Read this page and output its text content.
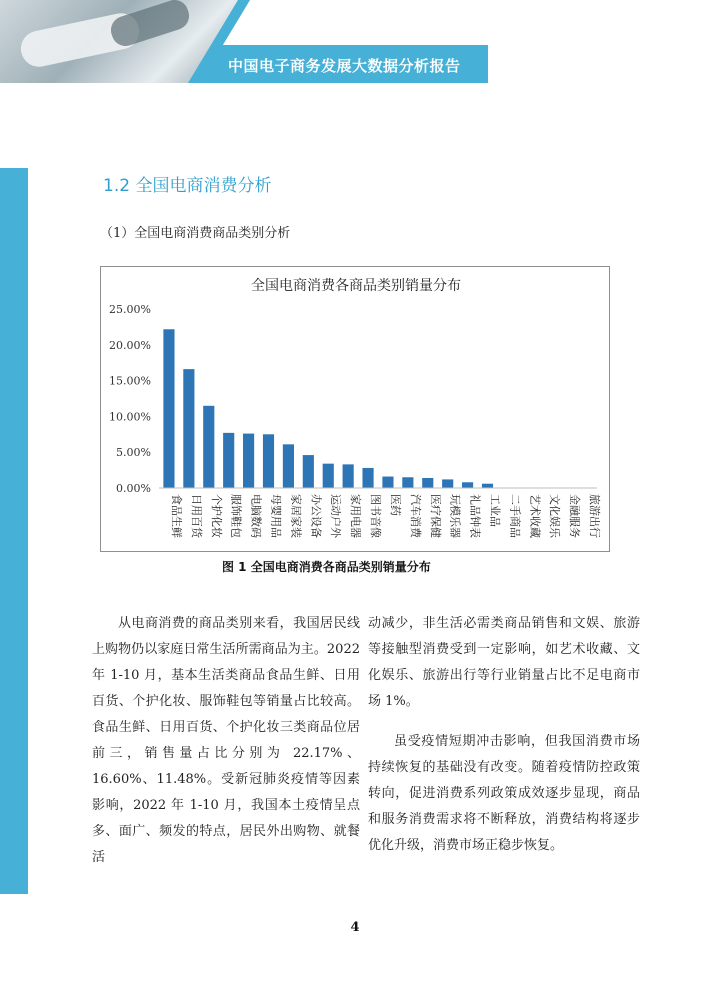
中国电子商务发展大数据分析报告
1.2 全国电商消费分析
（1）全国电商消费商品类别分析
全国电商消费各商品类别销量分布
0.00%
5.00%
10.00%
15.00%
20.00%
25.00%
食品生鲜 日用百货 个护化妆 服饰鞋包 电脑数码 母婴用品 家居家装 办公设备 运动户外 家用电器 图书音像 医药 汽车消费 医疗保健 玩模乐器 礼品钟表 工业品 二手商品 艺术收藏 文化娱乐 金融服务 旅游出行
图 1 全国电商消费各商品类别销量分布

从电商消费的商品类别来看，我国居民线上购物仍以家庭日常生活所需商品为主。2022 年 1-10 月，基本生活类商品食品生鲜、日用百货、个护化妆、服饰鞋包等销量占比较高。食品生鲜、日用百货、个护化妆三类商品位居前三，销售量占比分别为 22.17%、16.60%、11.48%。受新冠肺炎疫情等因素影响，2022 年 1-10 月，我国本土疫情呈点多、面广、频发的特点，居民外出购物、就餐活

动减少，非生活必需类商品销售和文娱、旅游等接触型消费受到一定影响，如艺术收藏、文化娱乐、旅游出行等行业销量占比不足电商市场 1%。

虽受疫情短期冲击影响，但我国消费市场持续恢复的基础没有改变。随着疫情防控政策转向，促进消费系列政策成效逐步显现，商品和服务消费需求将不断释放，消费结构将逐步优化升级，消费市场正稳步恢复。

4
